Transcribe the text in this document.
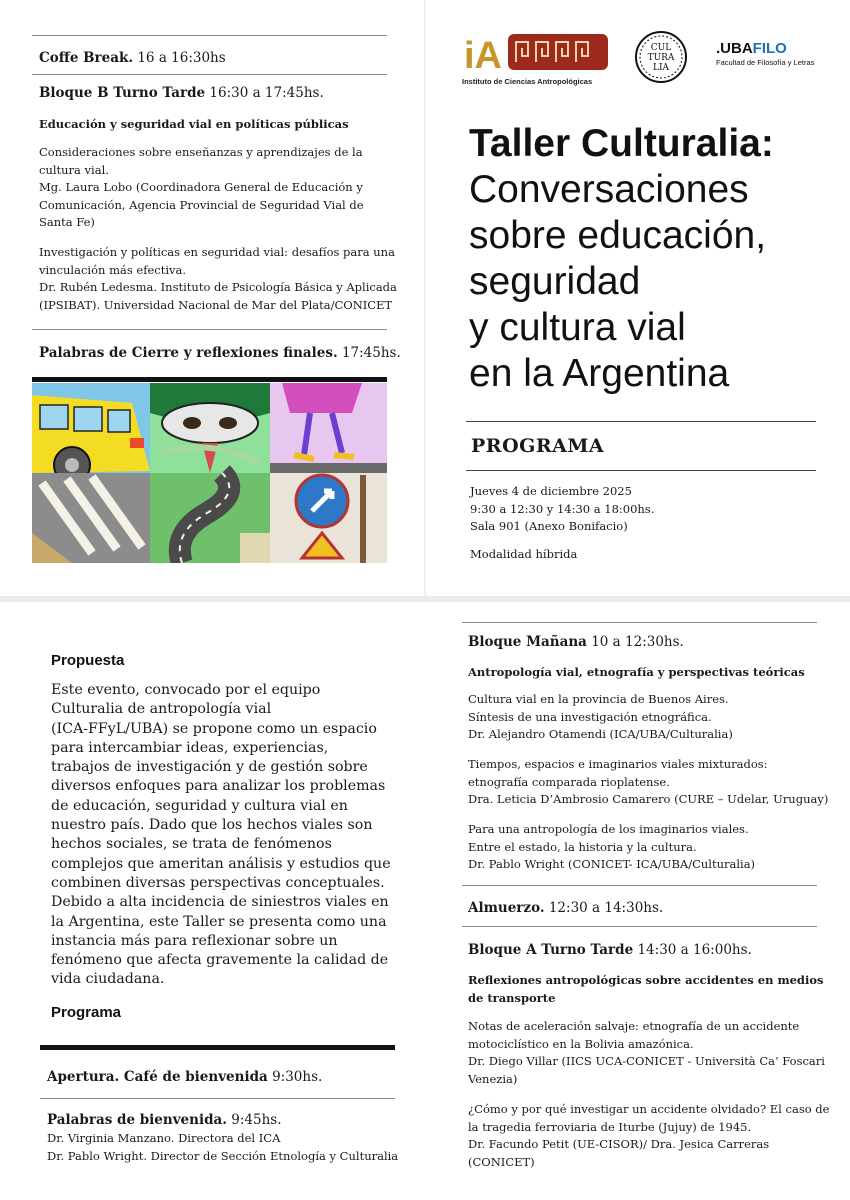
Coffe Break. 16 a 16:30hs
Bloque B Turno Tarde 16:30 a 17:45hs.
Educación y seguridad vial en políticas públicas
Consideraciones sobre enseñanzas y aprendizajes de la
cultura vial.
Mg. Laura Lobo (Coordinadora General de Educación y
Comunicación, Agencia Provincial de Seguridad Vial de
Santa Fe)
Investigación y políticas en seguridad vial: desafíos para una
vinculación más efectiva.
Dr. Rubén Ledesma. Instituto de Psicología Básica y Aplicada
(IPSIBAT). Universidad Nacional de Mar del Plata/CONICET
Palabras de Cierre y reflexiones finales. 17:45hs.
iA
Instituto de Ciencias Antropológicas
CUL
TURA
LIA
.UBAFILO
Facultad de Filosofía y Letras
Taller Culturalia:
Conversaciones
sobre educación,
seguridad
y cultura vial
en la Argentina
PROGRAMA
Jueves 4 de diciembre 2025
9:30 a 12:30 y 14:30 a 18:00hs.
Sala 901 (Anexo Bonifacio)
Modalidad híbrida
Propuesta
Este evento, convocado por el equipo
Culturalia de antropología vial
(ICA-FFyL/UBA) se propone como un espacio
para intercambiar ideas, experiencias,
trabajos de investigación y de gestión sobre
diversos enfoques para analizar los problemas
de educación, seguridad y cultura vial en
nuestro país. Dado que los hechos viales son
hechos sociales, se trata de fenómenos
complejos que ameritan análisis y estudios que
combinen diversas perspectivas conceptuales.
Debido a alta incidencia de siniestros viales en
la Argentina, este Taller se presenta como una
instancia más para reflexionar sobre un
fenómeno que afecta gravemente la calidad de
vida ciudadana.
Programa
Apertura. Café de bienvenida 9:30hs.
Palabras de bienvenida. 9:45hs.
Dr. Virginia Manzano. Directora del ICA
Dr. Pablo Wright. Director de Sección Etnología y Culturalia
Bloque Mañana 10 a 12:30hs.
Antropología vial, etnografía y perspectivas teóricas
Cultura vial en la provincia de Buenos Aires.
Síntesis de una investigación etnográfica.
Dr. Alejandro Otamendi (ICA/UBA/Culturalia)
Tiempos, espacios e imaginarios viales mixturados:
etnografía comparada rioplatense.
Dra. Leticia D’Ambrosio Camarero (CURE – Udelar, Uruguay)
Para una antropología de los imaginarios viales.
Entre el estado, la historia y la cultura.
Dr. Pablo Wright (CONICET- ICA/UBA/Culturalia)
Almuerzo. 12:30 a 14:30hs.
Bloque A Turno Tarde 14:30 a 16:00hs.
Reflexiones antropológicas sobre accidentes en medios
de transporte
Notas de aceleración salvaje: etnografía de un accidente
motociclístico en la Bolivia amazónica.
Dr. Diego Villar (IICS UCA-CONICET - Università Ca’ Foscari
Venezia)
¿Cómo y por qué investigar un accidente olvidado? El caso de
la tragedia ferroviaria de Iturbe (Jujuy) de 1945.
Dr. Facundo Petit (UE-CISOR)/ Dra. Jesica Carreras
(CONICET)
